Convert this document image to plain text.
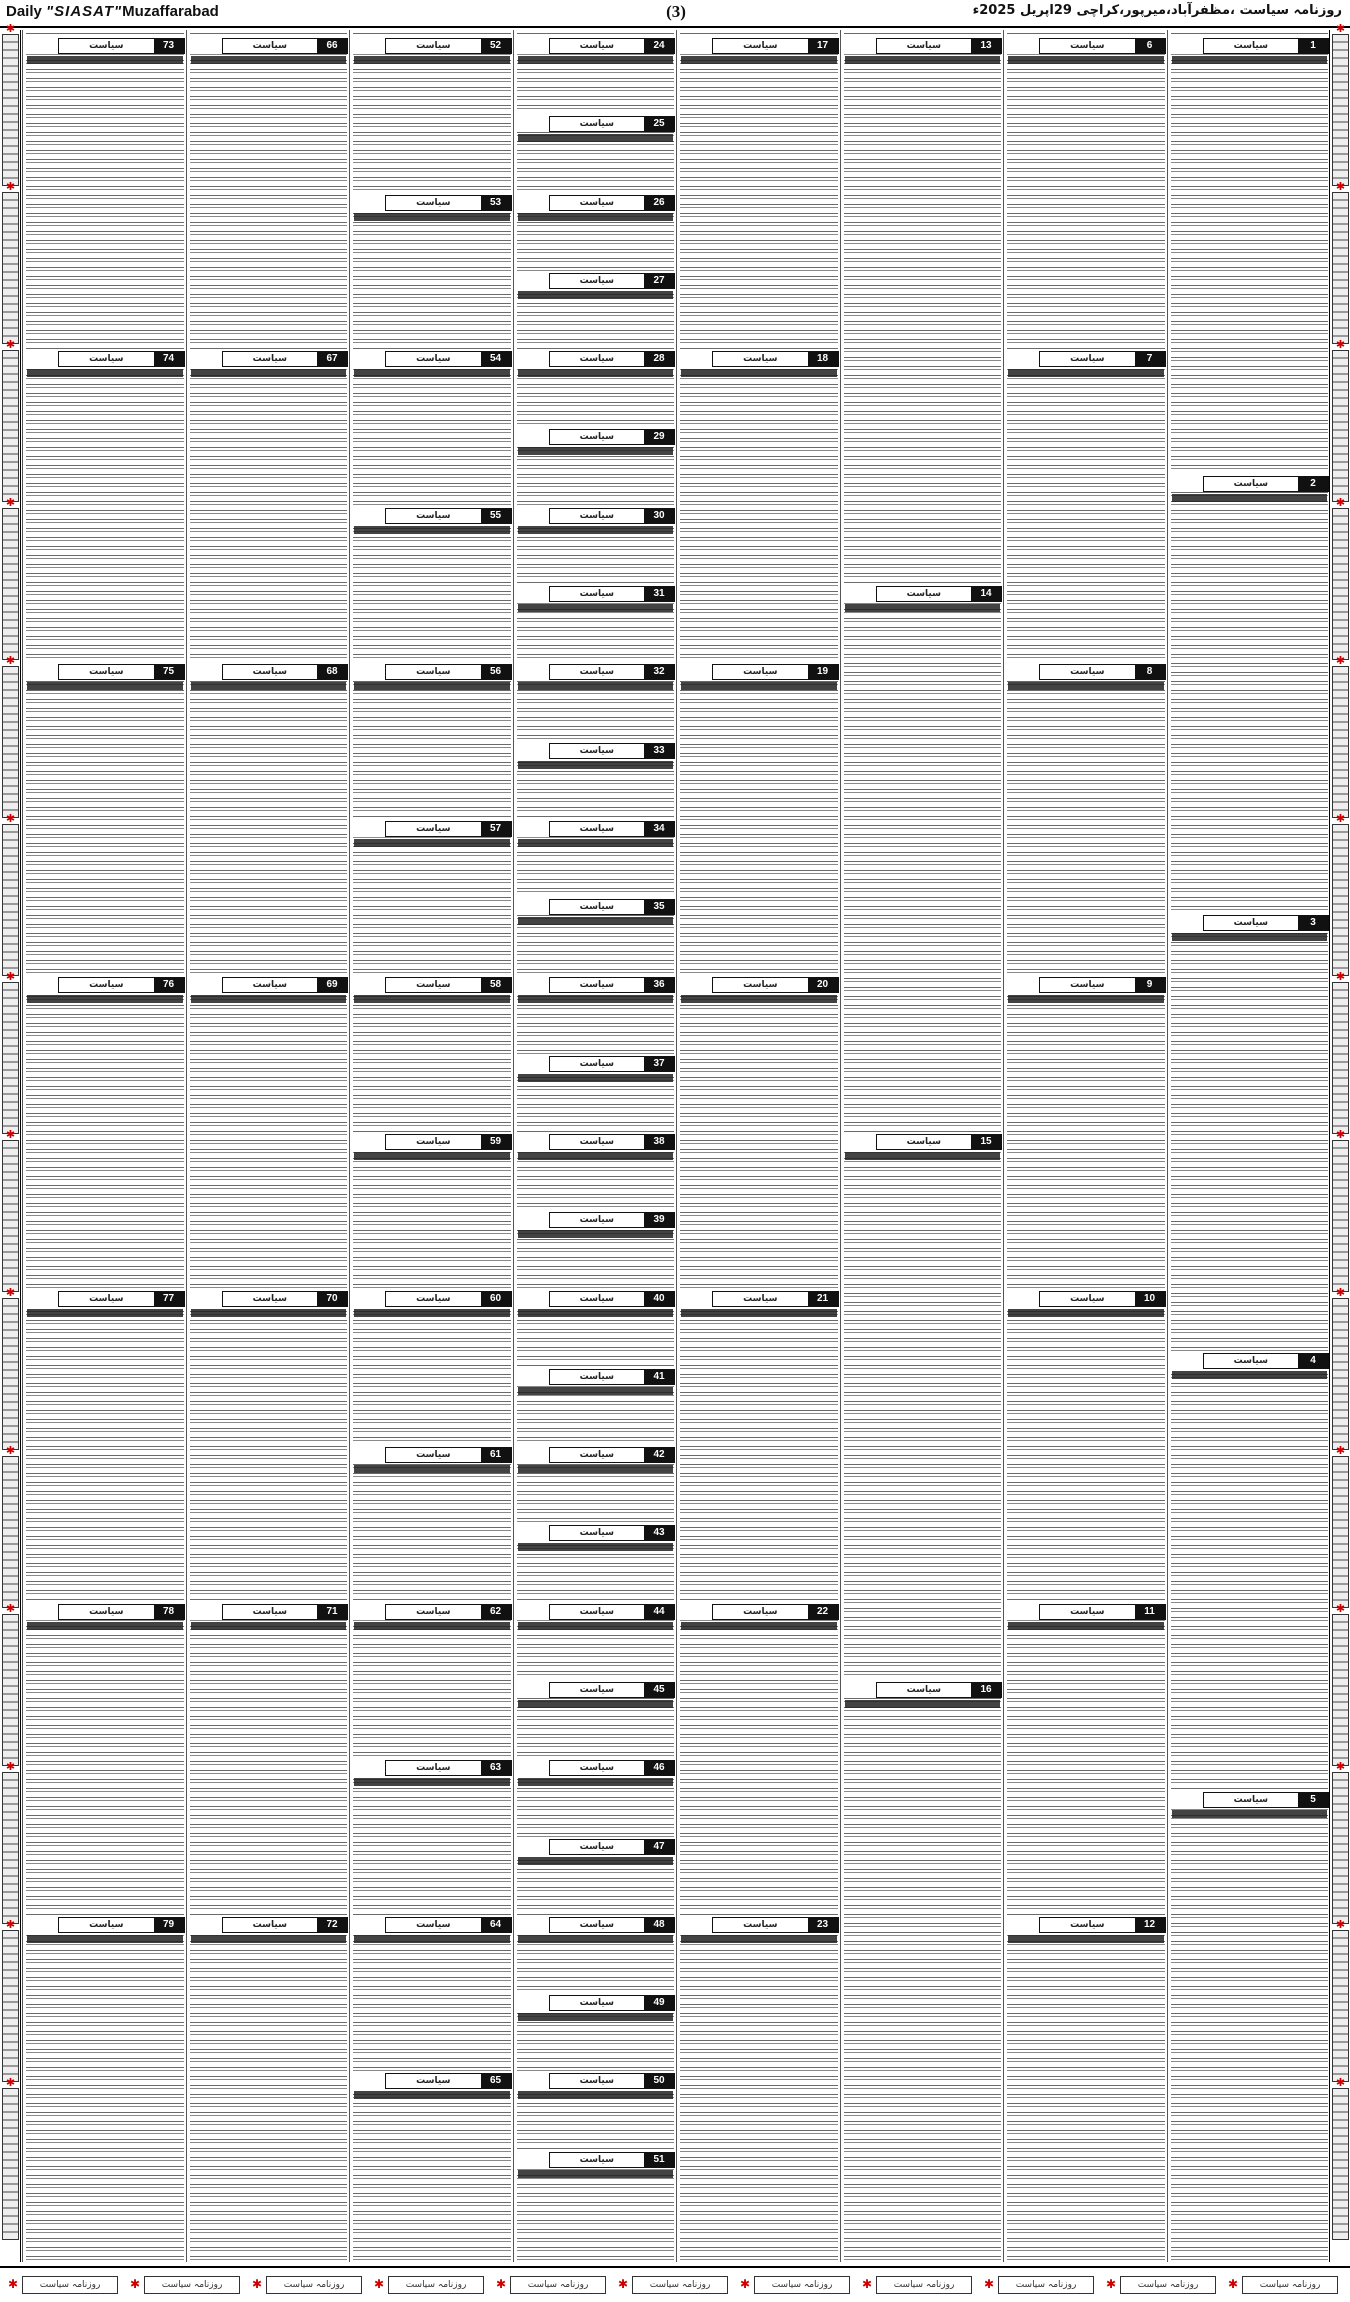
Daily "SIASAT"Muzaffarabad	(3)	روزنامہ سیاست ،مظفرآباد،میرپور،کراچی 29اپریل 2025ء
✱
✱
✱
✱
✱
✱
✱
✱
✱
✱
✱
✱
✱
✱
✱
✱
✱
✱
✱
✱
✱
✱
✱
✱
✱
✱
✱
✱
سیاست	1
سیاست	2
سیاست	3
سیاست	4
سیاست	5
سیاست	6
سیاست	7
سیاست	8
سیاست	9
سیاست	10
سیاست	11
سیاست	12
سیاست	13
سیاست	14
سیاست	15
سیاست	16
سیاست	17
سیاست	18
سیاست	19
سیاست	20
سیاست	21
سیاست	22
سیاست	23
سیاست	24
سیاست	25
سیاست	26
سیاست	27
سیاست	28
سیاست	29
سیاست	30
سیاست	31
سیاست	32
سیاست	33
سیاست	34
سیاست	35
سیاست	36
سیاست	37
سیاست	38
سیاست	39
سیاست	40
سیاست	41
سیاست	42
سیاست	43
سیاست	44
سیاست	45
سیاست	46
سیاست	47
سیاست	48
سیاست	49
سیاست	50
سیاست	51
سیاست	52
سیاست	53
سیاست	54
سیاست	55
سیاست	56
سیاست	57
سیاست	58
سیاست	59
سیاست	60
سیاست	61
سیاست	62
سیاست	63
سیاست	64
سیاست	65
سیاست	66
سیاست	67
سیاست	68
سیاست	69
سیاست	70
سیاست	71
سیاست	72
سیاست	73
سیاست	74
سیاست	75
سیاست	76
سیاست	77
سیاست	78
سیاست	79
✱	روزنامہ سیاست	✱	روزنامہ سیاست	✱	روزنامہ سیاست	✱	روزنامہ سیاست	✱	روزنامہ سیاست	✱	روزنامہ سیاست	✱	روزنامہ سیاست	✱	روزنامہ سیاست	✱	روزنامہ سیاست	✱	روزنامہ سیاست	✱	روزنامہ سیاست
